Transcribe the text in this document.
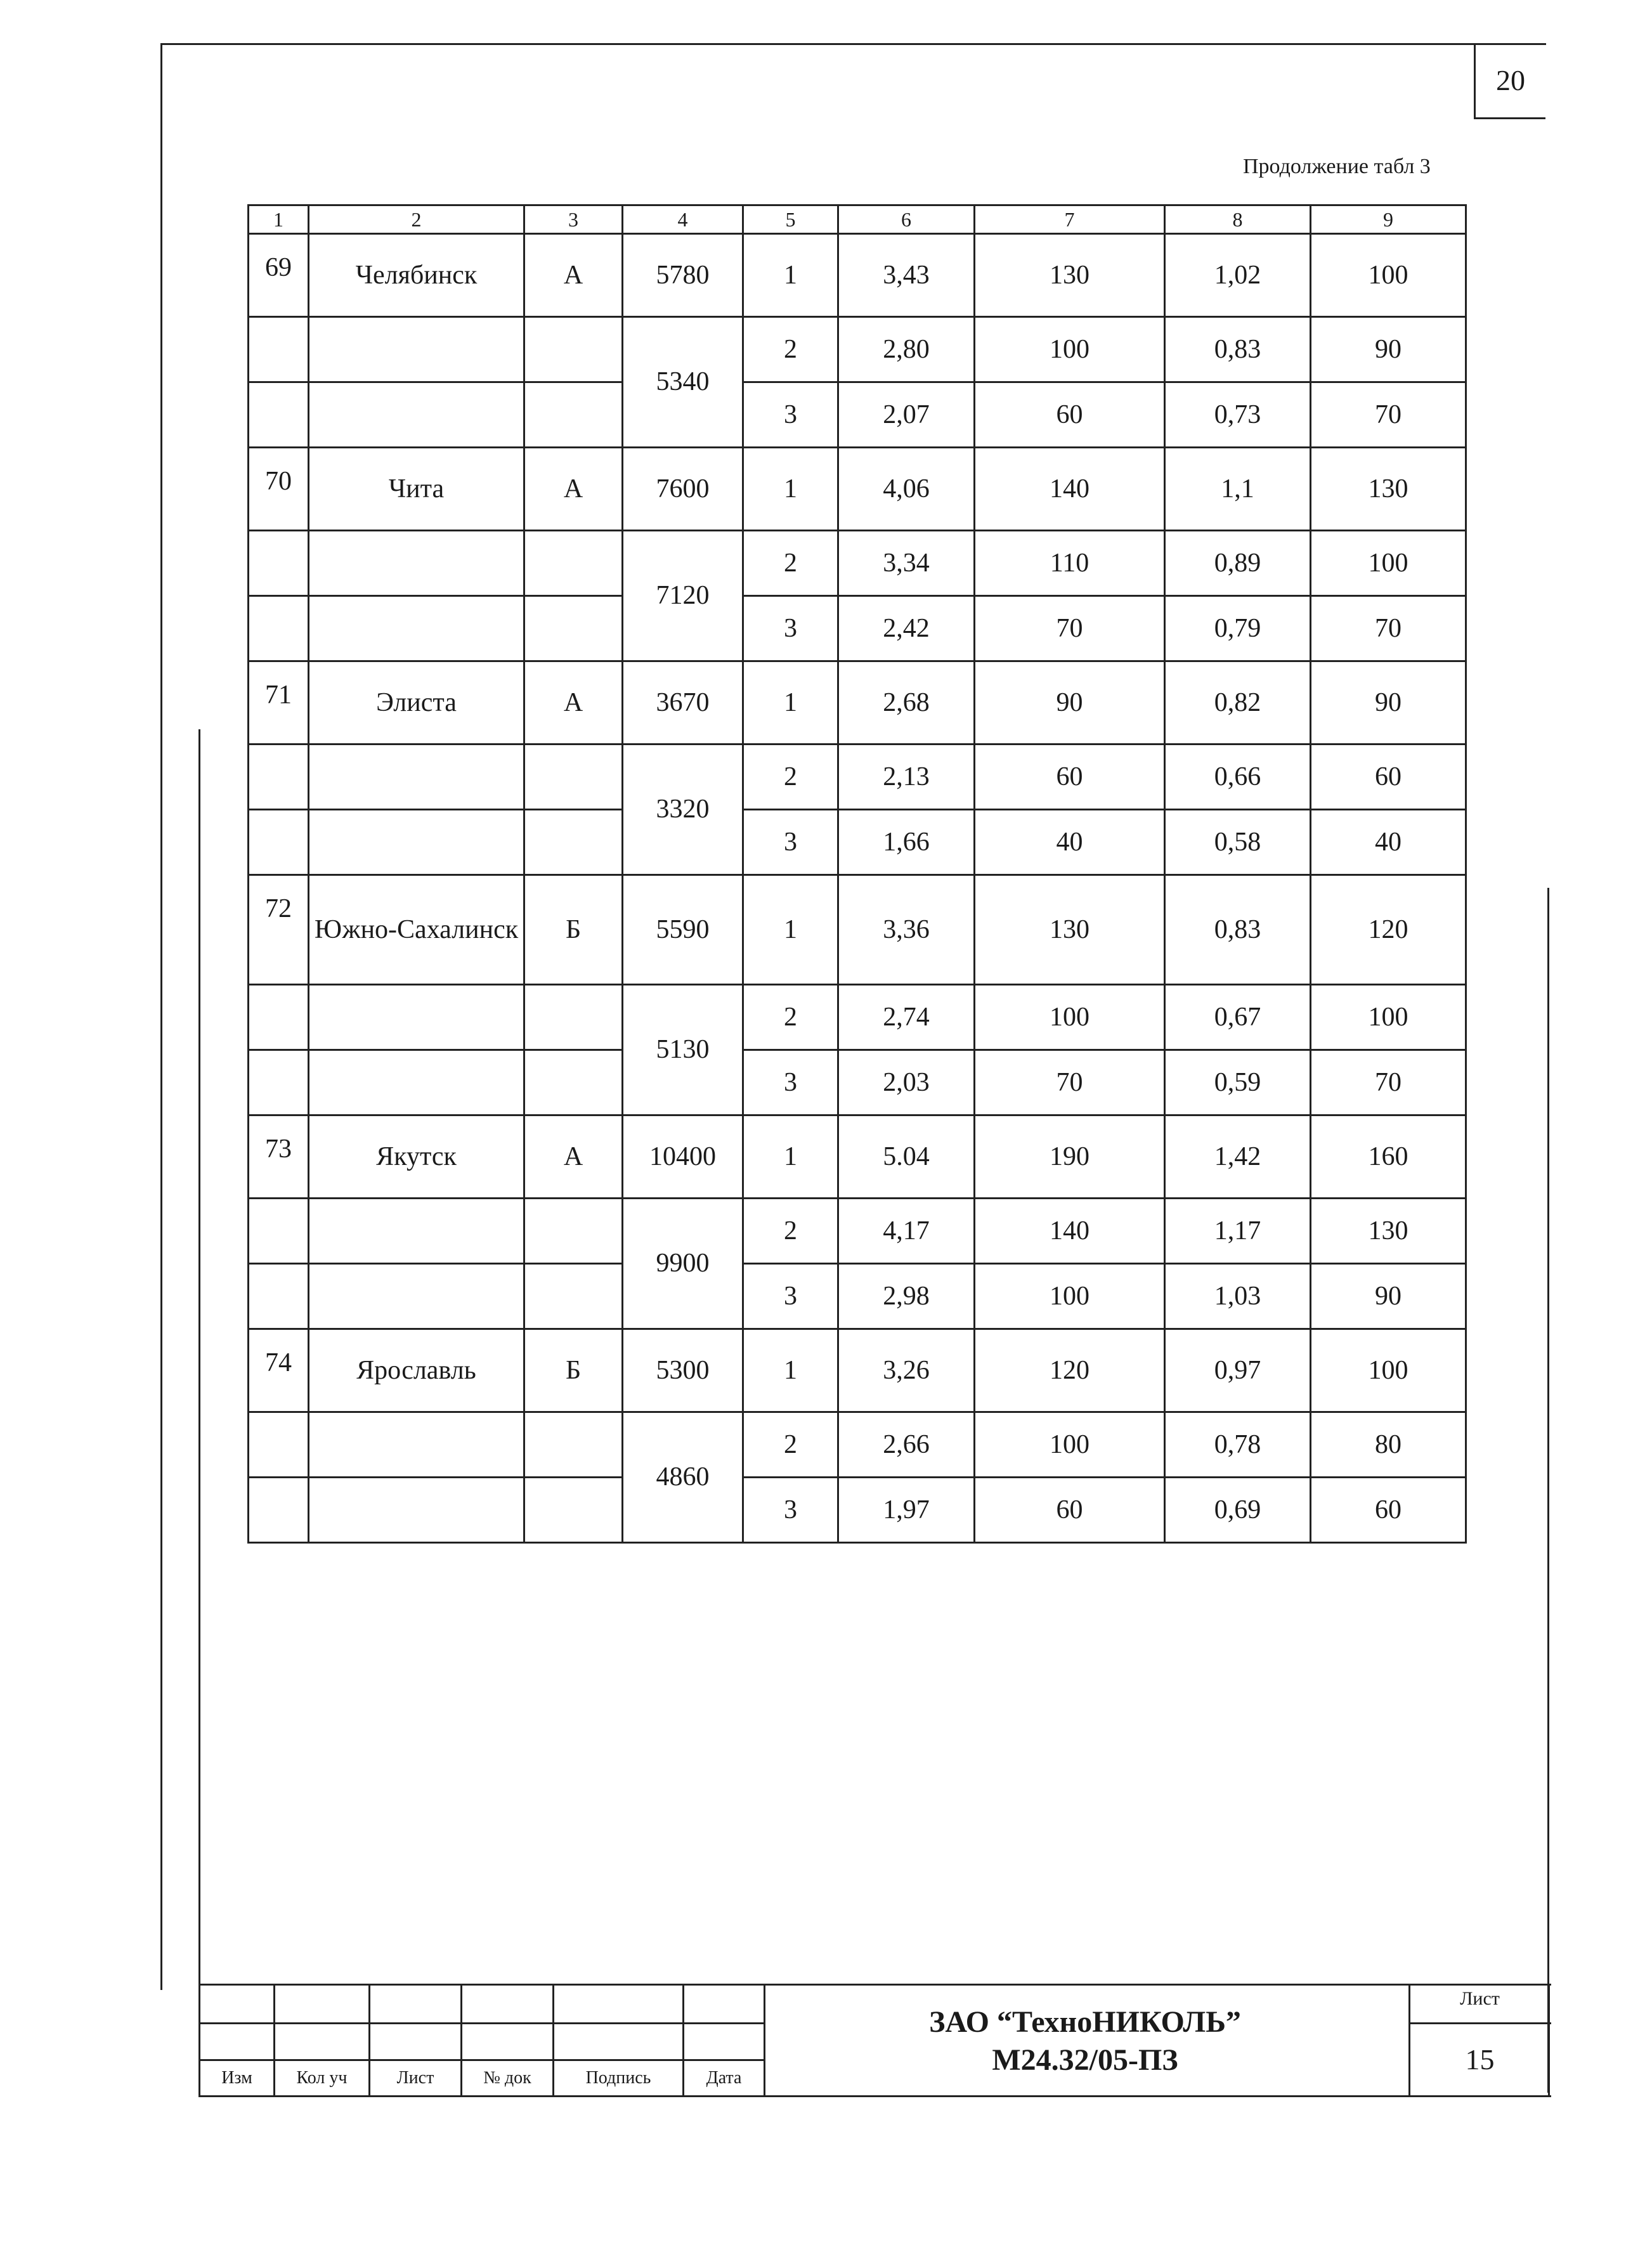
20
Продолжение табл 3
1	2	3	4	5	6	7	8	9
69	Челябинск	А	5780	1	3,43	130	1,02	100
			5340	2	2,80	100	0,83	90
				3	2,07	60	0,73	70
70	Чита	А	7600	1	4,06	140	1,1	130
			7120	2	3,34	110	0,89	100
				3	2,42	70	0,79	70
71	Элиста	А	3670	1	2,68	90	0,82	90
			3320	2	2,13	60	0,66	60
				3	1,66	40	0,58	40
72	Южно-Сахалинск	Б	5590	1	3,36	130	0,83	120
			5130	2	2,74	100	0,67	100
				3	2,03	70	0,59	70
73	Якутск	А	10400	1	5.04	190	1,42	160
			9900	2	4,17	140	1,17	130
				3	2,98	100	1,03	90
74	Ярославль	Б	5300	1	3,26	120	0,97	100
			4860	2	2,66	100	0,78	80
				3	1,97	60	0,69	60
Изм	Кол уч	Лист	№ док	Подпись	Дата
ЗАО “ТехноНИКОЛЬ”
М24.32/05-ПЗ
Лист
15
